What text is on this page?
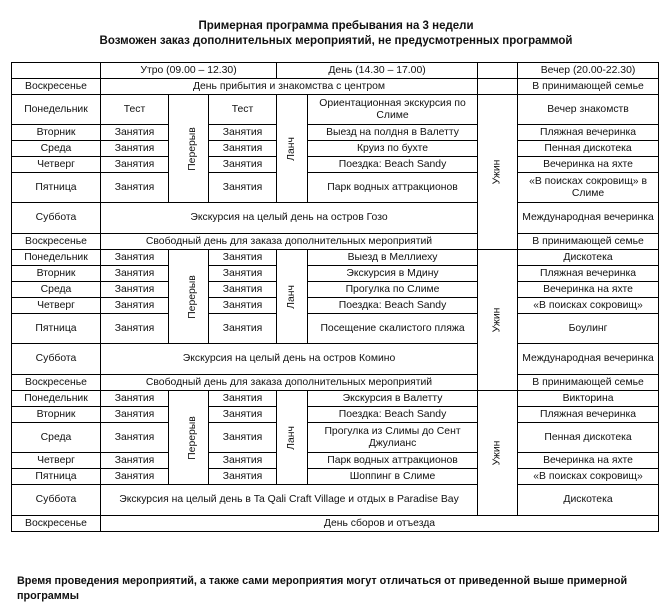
Примерная программа пребывания на 3 недели
Возможен заказ дополнительных мероприятий, не предусмотренных программой
	Утро (09.00 – 12.30)			День (14.30 – 17.00)			Вечер (20.00-22.30)
Воскресенье	День прибытия и знакомства с центром						В принимающей семье
Понедельник	Тест	Перерыв	Тест	Ланч	Ориентационная экскурсия по Слиме	Ужин	Вечер знакомств
Вторник	Занятия		Занятия		Выезд на полдня в Валетту		Пляжная вечеринка
Среда	Занятия		Занятия		Круиз по бухте		Пенная дискотека
Четверг	Занятия		Занятия		Поездка: Beach Sandy		Вечеринка на яхте
Пятница	Занятия		Занятия		Парк водных аттракционов		«В поисках сокровищ» в Слиме
Суббота	Экскурсия на целый день на остров Гозо						Международная вечеринка
Воскресенье	Свободный день для заказа дополнительных мероприятий						В принимающей семье
Понедельник	Занятия	Перерыв	Занятия	Ланч	Выезд в Меллиеху	Ужин	Дискотека
Вторник	Занятия		Занятия		Экскурсия в Мдину		Пляжная вечеринка
Среда	Занятия		Занятия		Прогулка по Слиме		Вечеринка на яхте
Четверг	Занятия		Занятия		Поездка: Beach Sandy		«В поисках сокровищ»
Пятница	Занятия		Занятия		Посещение скалистого пляжа		Боулинг
Суббота	Экскурсия на целый день на остров Комино						Международная вечеринка
Воскресенье	Свободный день для заказа дополнительных мероприятий						В принимающей семье
Понедельник	Занятия	Перерыв	Занятия	Ланч	Экскурсия в Валетту	Ужин	Викторина
Вторник	Занятия		Занятия		Поездка: Beach Sandy		Пляжная вечеринка
Среда	Занятия		Занятия		Прогулка из Слимы до Сент Джулианс		Пенная дискотека
Четверг	Занятия		Занятия		Парк водных аттракционов		Вечеринка на яхте
Пятница	Занятия		Занятия		Шоппинг в Слиме		«В поисках сокровищ»
Суббота	Экскурсия на целый день в Ta Qali Craft Village и отдых в Paradise Bay						Дискотека
Воскресенье	День сборов и отъезда						
Время проведения мероприятий, а также сами мероприятия могут отличаться от приведенной выше примерной программы
